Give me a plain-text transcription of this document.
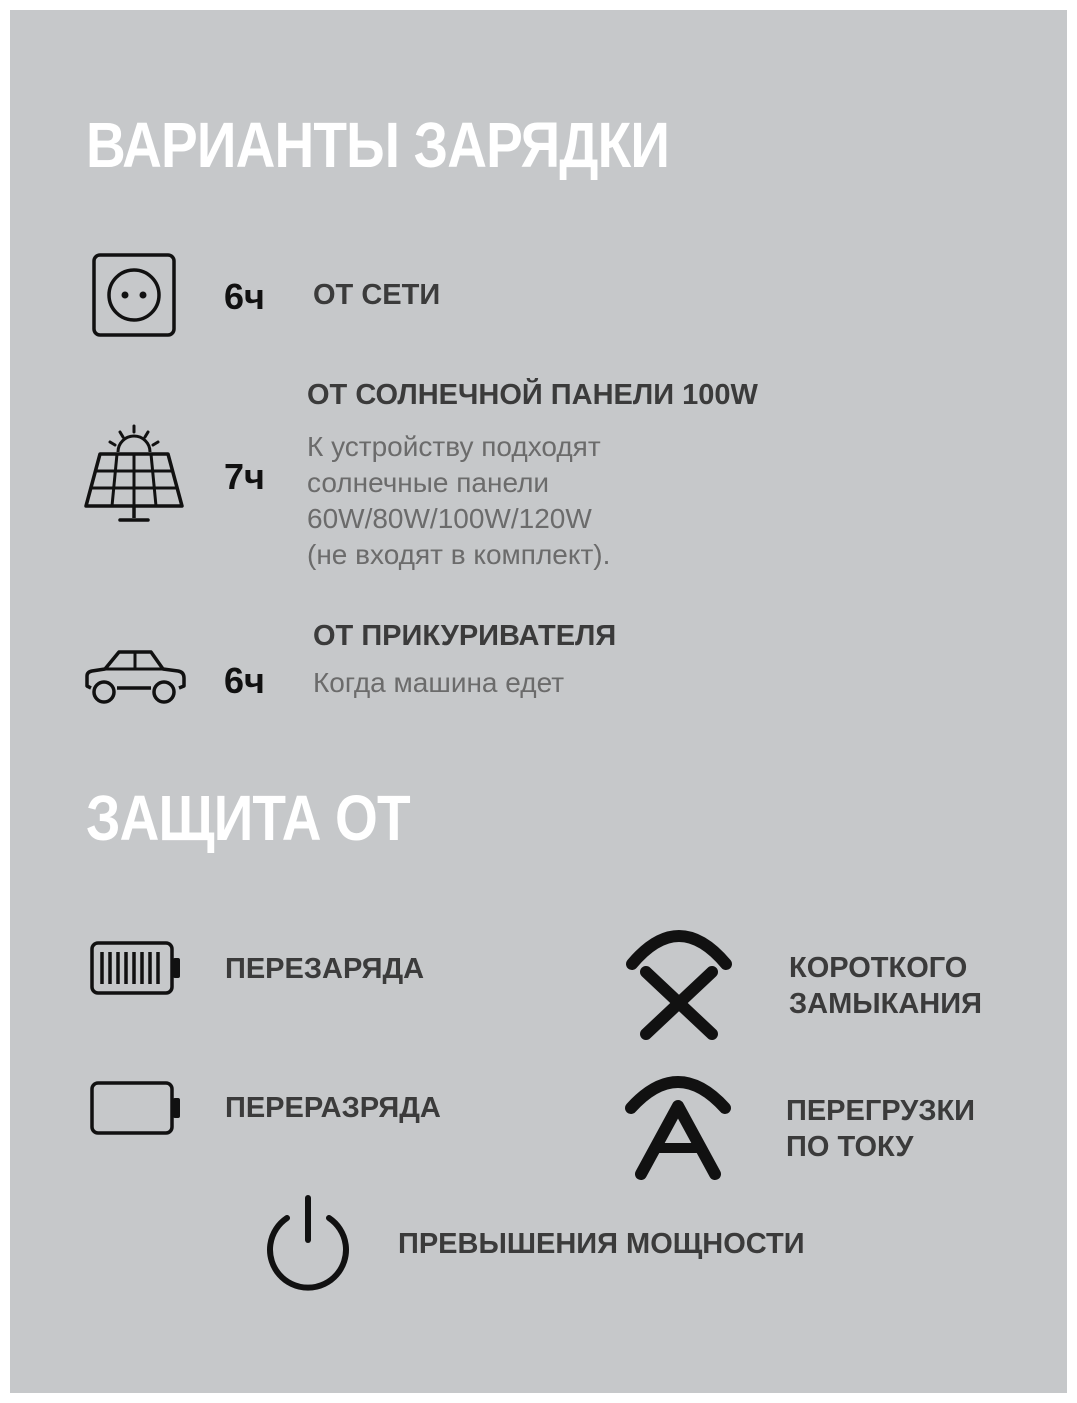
ВАРИАНТЫ ЗАРЯДКИ
6ч ОТ СЕТИ
7ч
ОТ СОЛНЕЧНОЙ ПАНЕЛИ 100W
К устройству подходят
солнечные панели
60W/80W/100W/120W
(не входят в комплект).
6ч
ОТ ПРИКУРИВАТЕЛЯ
Когда машина едет
ЗАЩИТА ОТ
ПЕРЕЗАРЯДА	КОРОТКОГО
ЗАМЫКАНИЯ
ПЕРЕРАЗРЯДА	ПЕРЕГРУЗКИ
ПО ТОКУ
ПРЕВЫШЕНИЯ МОЩНОСТИ
